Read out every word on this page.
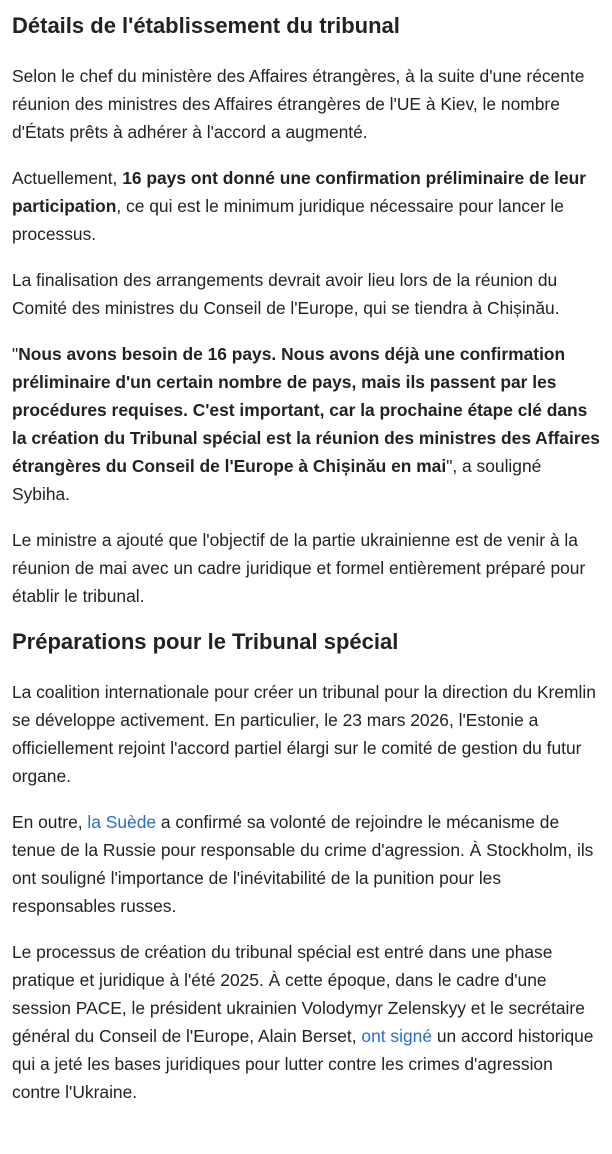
Détails de l'établissement du tribunal

Selon le chef du ministère des Affaires étrangères, à la suite d'une récente réunion des ministres des Affaires étrangères de l'UE à Kiev, le nombre d'États prêts à adhérer à l'accord a augmenté.

Actuellement, 16 pays ont donné une confirmation préliminaire de leur participation, ce qui est le minimum juridique nécessaire pour lancer le processus.

La finalisation des arrangements devrait avoir lieu lors de la réunion du Comité des ministres du Conseil de l'Europe, qui se tiendra à Chișinău.

"Nous avons besoin de 16 pays. Nous avons déjà une confirmation préliminaire d'un certain nombre de pays, mais ils passent par les procédures requises. C'est important, car la prochaine étape clé dans la création du Tribunal spécial est la réunion des ministres des Affaires étrangères du Conseil de l'Europe à Chișinău en mai", a souligné Sybiha.

Le ministre a ajouté que l'objectif de la partie ukrainienne est de venir à la réunion de mai avec un cadre juridique et formel entièrement préparé pour établir le tribunal.

Préparations pour le Tribunal spécial

La coalition internationale pour créer un tribunal pour la direction du Kremlin se développe activement. En particulier, le 23 mars 2026, l'Estonie a officiellement rejoint l'accord partiel élargi sur le comité de gestion du futur organe.

En outre, la Suède a confirmé sa volonté de rejoindre le mécanisme de tenue de la Russie pour responsable du crime d'agression. À Stockholm, ils ont souligné l'importance de l'inévitabilité de la punition pour les responsables russes.

Le processus de création du tribunal spécial est entré dans une phase pratique et juridique à l'été 2025. À cette époque, dans le cadre d'une session PACE, le président ukrainien Volodymyr Zelenskyy et le secrétaire général du Conseil de l'Europe, Alain Berset, ont signé un accord historique qui a jeté les bases juridiques pour lutter contre les crimes d'agression contre l'Ukraine.
